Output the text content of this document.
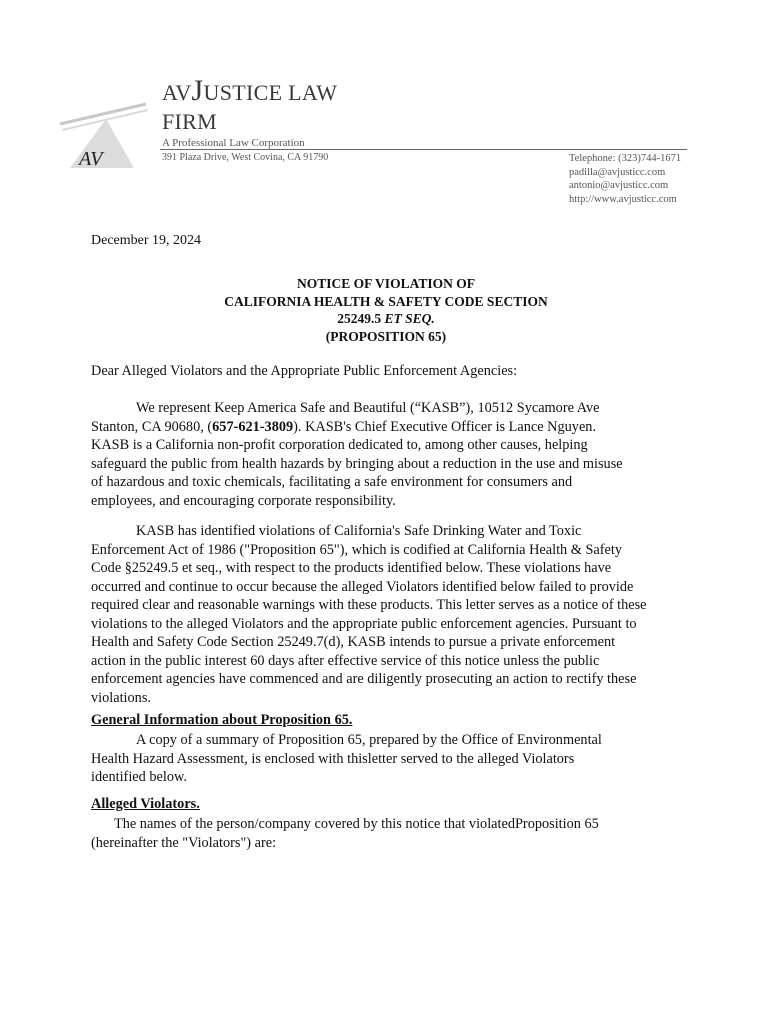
AV
AVJUSTICE LAW
FIRM
A Professional Law Corporation
391 Plaza Drive, West Covina, CA 91790	Telephone: (323)744-1671
padilla@avjusticc.com
antonio@avjusticc.com
http://www.avjusticc.com
December 19, 2024
NOTICE OF VIOLATION OF
CALIFORNIA HEALTH & SAFETY CODE SECTION
25249.5 ET SEQ.
(PROPOSITION 65)
Dear Alleged Violators and the Appropriate Public Enforcement Agencies:

We represent Keep America Safe and Beautiful (“KASB”), 10512 Sycamore Ave
Stanton, CA 90680, (657-621-3809). KASB's Chief Executive Officer is Lance Nguyen.
KASB is a California non-profit corporation dedicated to, among other causes, helping
safeguard the public from health hazards by bringing about a reduction in the use and misuse
of hazardous and toxic chemicals, facilitating a safe environment for consumers and
employees, and encouraging corporate responsibility.

KASB has identified violations of California's Safe Drinking Water and Toxic
Enforcement Act of 1986 ("Proposition 65"), which is codified at California Health & Safety
Code §25249.5 et seq., with respect to the products identified below. These violations have
occurred and continue to occur because the alleged Violators identified below failed to provide
required clear and reasonable warnings with these products. This letter serves as a notice of these
violations to the alleged Violators and the appropriate public enforcement agencies. Pursuant to
Health and Safety Code Section 25249.7(d), KASB intends to pursue a private enforcement
action in the public interest 60 days after effective service of this notice unless the public
enforcement agencies have commenced and are diligently prosecuting an action to rectify these
violations.

General Information about Proposition 65.

A copy of a summary of Proposition 65, prepared by the Office of Environmental
Health Hazard Assessment, is enclosed with thisletter served to the alleged Violators
identified below.

Alleged Violators.

The names of the person/company covered by this notice that violatedProposition 65
(hereinafter the "Violators") are:
